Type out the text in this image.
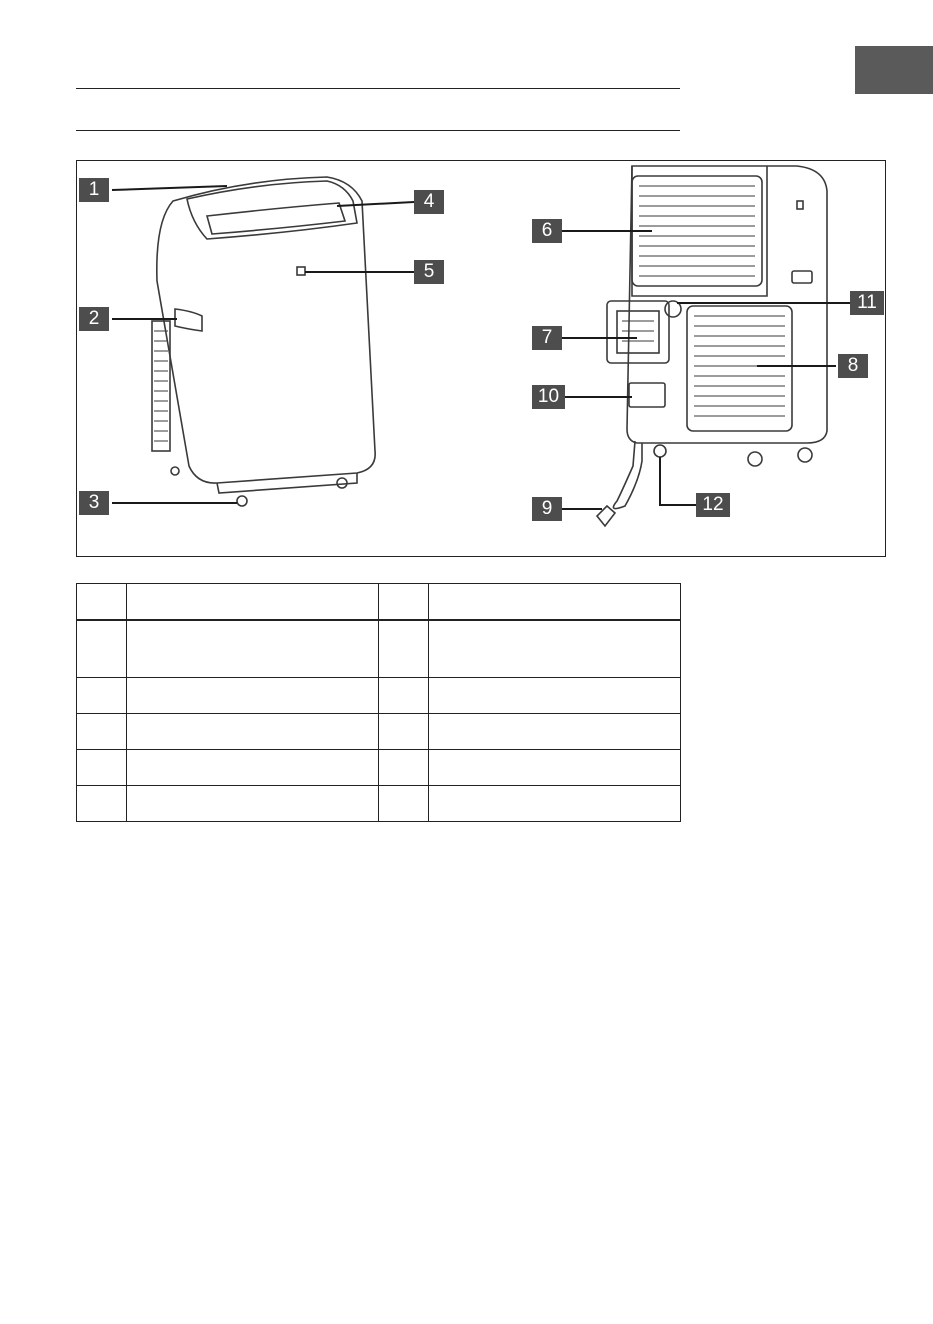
1
2
3
4
5
6
7
8
9
10
11
12
